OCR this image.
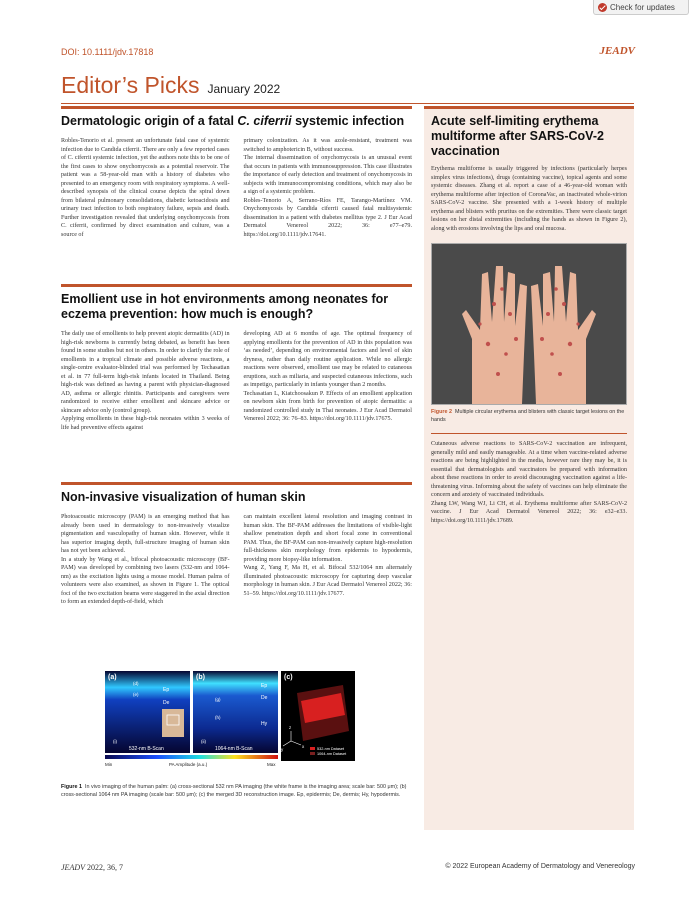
Check for updates
DOI: 10.1111/jdv.17818	JEADV
Editor’s Picks January 2022
Dermatologic origin of a fatal C. ciferrii systemic infection

Robles-Tenorio et al. present an unfortunate fatal case of systemic infection due to Candida ciferrii. There are only a few reported cases of C. ciferrii systemic infection, yet the authors note this to be one of the first cases to show onychomycosis as a potential reservoir. The patient was a 58-year-old man with a history of diabetes who presented to an emergency room with respiratory symptoms. A well-described synopsis of the clinical course depicts the spiral down from bilateral pulmonary consolidations, diabetic ketoacidosis and urinary tract infection to both respiratory failure, sepsis and death. Further investigation revealed that underlying onychomycosis from C. ciferrii, confirmed by direct examination and culture, was a source of

primary colonization. As it was azole-resistant, treatment was switched to amphotericin B, without success.

The internal dissemination of onychomycosis is an unusual event that occurs in patients with immunosuppression. This case illustrates the importance of early detection and treatment of onychomycosis in subjects with immunocompromising conditions, which may also be a sign of a systemic problem.

Robles-Tenorio A, Serrano-Ríos FE, Tarango-Martínez VM. Onychomycosis by Candida ciferrii caused fatal multisystemic dissemination in a patient with diabetes mellitus type 2. J Eur Acad Dermatol Venereol 2022; 36: e77–e79. https://doi.org/10.1111/jdv.17641.

Emollient use in hot environments among neonates for eczema prevention: how much is enough?

The daily use of emollients to help prevent atopic dermatitis (AD) in high-risk newborns is currently being debated, as benefit has been found in some studies but not in others. In order to clarify the role of emollients in a tropical climate and possible adverse reactions, a single-centre evaluator-blinded trial was performed by Techasatian et al. in 77 full-term high-risk infants located in Thailand. Being high-risk was defined as having a parent with physician-diagnosed AD, asthma or allergic rhinitis. Participants and caregivers were randomized to receive either emollient and skincare advice or skincare advice only (control group).

Applying emollients in these high-risk neonates within 3 weeks of life had preventive effects against

developing AD at 6 months of age. The optimal frequency of applying emollients for the prevention of AD in this population was ‘as needed’, depending on environmental factors and level of skin dryness, rather than daily routine application. While no allergic reactions were observed, emollient use may be related to cutaneous eruptions, such as miliaria, and suspected cutaneous infections, such as impetigo, particularly in infants younger than 2 months.

Techasatian L, Kiatchoosakun P. Effects of an emollient application on newborn skin from birth for prevention of atopic dermatitis: a randomized controlled study in Thai neonates. J Eur Acad Dermatol Venereol 2022; 36: 76–83. https://doi.org/10.1111/jdv.17675.

Non-invasive visualization of human skin

Photoacoustic microscopy (PAM) is an emerging method that has already been used in dermatology to non-invasively visualize pigmentation and vasculopathy of human skin. However, while it has superior imaging depth, full-structure imaging of human skin has not yet been achieved.

In a study by Wang et al., bifocal photoacoustic microscopy (BF-PAM) was developed by combining two lasers (532-nm and 1064-nm) as the excitation lights using a mouse model. Human palms of volunteers were also examined, as shown in Figure 1. The optical foci of the two excitation beams were staggered in the axial direction to form an extended depth-of-field, which

can maintain excellent lateral resolution and imaging contrast in human skin. The BF-PAM addresses the limitations of visible-light shallow penetration depth and short focal zone in conventional PAM. Thus, the BF-PAM can non-invasively capture high-resolution full-thickness skin morphology from epidermis to hypodermis, providing more biopsy-like information.

Wang Z, Yang F, Ma H, et al. Bifocal 532/1064 nm alternately illuminated photoacoustic microscopy for capturing deep vascular morphology in human skin. J Eur Acad Dermatol Venereol 2022; 36: 51–59. https://doi.org/10.1111/jdv.17677.

(a)
Ep
De
(d)
(e)
(i)
532-nm B-Scan
(b)
Ep
De
Hy
(g)
(h)
(ii)
1064-nm B-Scan
(c)
z
x
y	532-nm Dataset
1064-nm Dataset
Min	PA Amplitude (a.u.)	Max
Figure 1 In vivo imaging of the human palm: (a) cross-sectional 532 nm PA imaging (the white frame is the imaging area; scale bar: 500 μm); (b) cross-sectional 1064 nm PA imaging (scale bar: 500 μm); (c) the merged 3D reconstruction image. Ep, epidermis; De, dermis; Hy, hypodermis.
Acute self-limiting erythema multiforme after SARS-CoV-2 vaccination
Erythema multiforme is usually triggered by infections (particularly herpes simplex virus infections), drugs (containing vaccine), topical agents and some systemic diseases. Zhang et al. report a case of a 46-year-old woman with erythema multiforme after injection of CoronaVac, an inactivated whole-virion SARS-CoV-2 vaccine. She presented with a 1-week history of multiple erythema and blisters with pruritus on the extremities. There were classic target lesions on her distal extremities (including the hands as shown in Figure 2), along with erosions involving the lips and oral mucosa.
Figure 2 Multiple circular erythema and blisters with classic target lesions on the hands
Cutaneous adverse reactions to SARS-CoV-2 vaccination are infrequent, generally mild and easily manageable. At a time when vaccine-related adverse reactions are being highlighted in the media, however rare they may be, it is essential that dermatologists and vaccinators be prepared with information about these reactions in order to avoid discouraging vaccination against a life-threatening virus. Informing about the safety of vaccines can help eliminate the concern and anxiety of vaccinated individuals.
Zhang LW, Wang WJ, Li CH, et al. Erythema multiforme after SARS-CoV-2 vaccine. J Eur Acad Dermatol Venereol 2022; 36: e32–e33. https://doi.org/10.1111/jdv.17689.
JEADV 2022, 36, 7	© 2022 European Academy of Dermatology and Venereology
